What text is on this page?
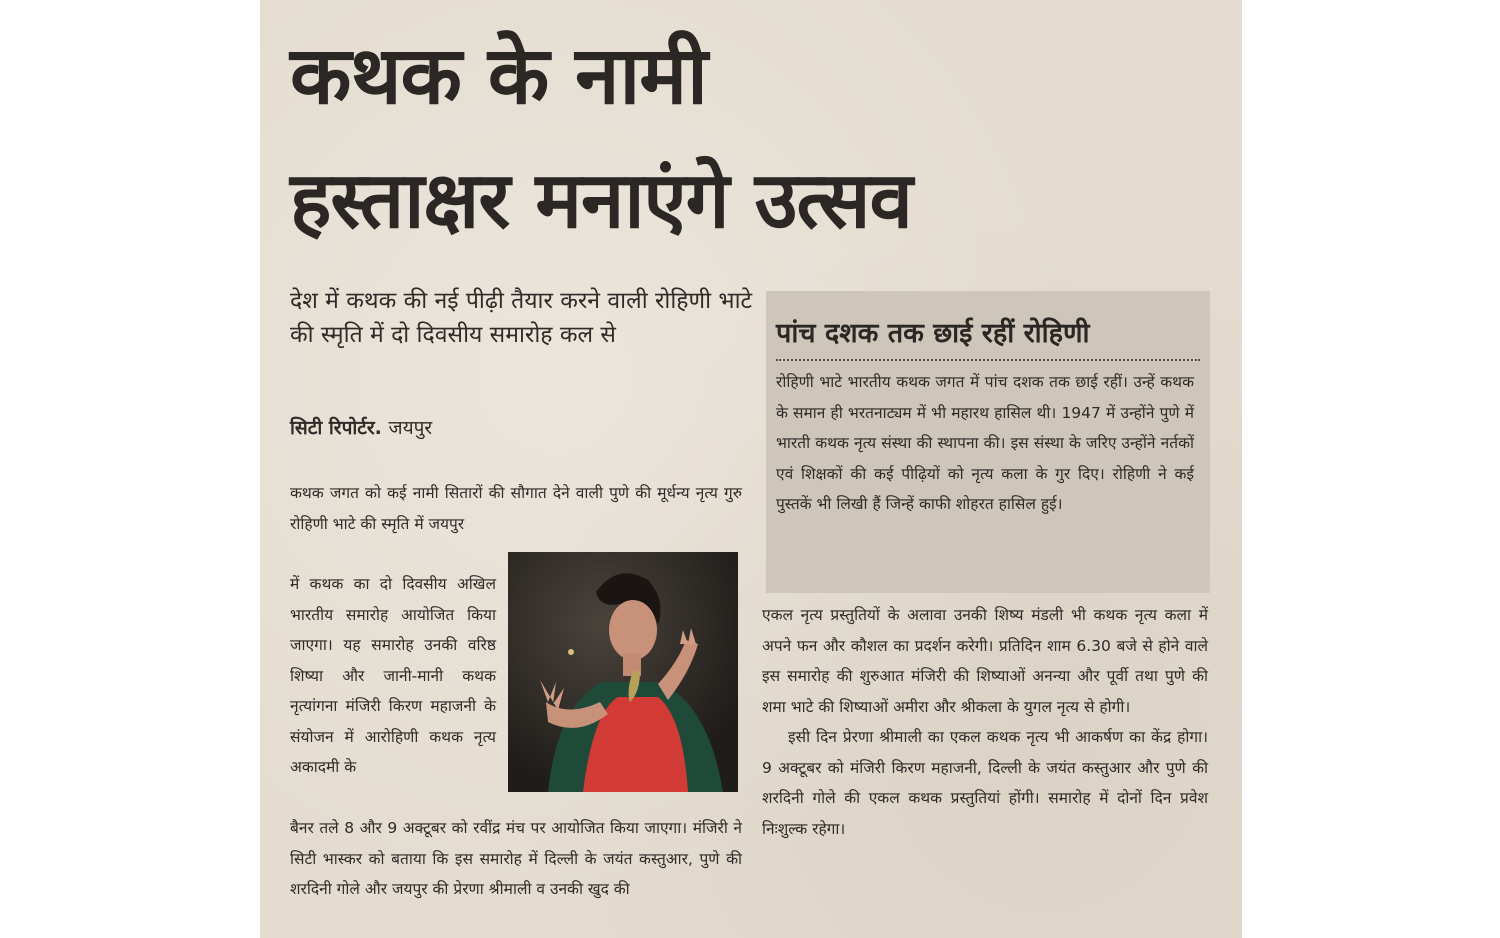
कथक के नामी
हस्ताक्षर मनाएंगे उत्सव
देश में कथक की नई पीढ़ी तैयार करने वाली रोहिणी भाटे की स्मृति में दो दिवसीय समारोह कल से
सिटी रिपोर्टर. जयपुर
कथक जगत को कई नामी सितारों की सौगात देने वाली पुणे की मूर्धन्य नृत्य गुरु रोहिणी भाटे की स्मृति में जयपुर
में कथक का दो दिवसीय अखिल भारतीय समारोह आयोजित किया जाएगा। यह समारोह उनकी वरिष्ठ शिष्या और जानी-मानी कथक नृत्यांगना मंजिरी किरण महाजनी के संयोजन में आरोहिणी कथक नृत्य अकादमी के
बैनर तले 8 और 9 अक्टूबर को रवींद्र मंच पर आयोजित किया जाएगा। मंजिरी ने सिटी भास्कर को बताया कि इस समारोह में दिल्ली के जयंत कस्तुआर, पुणे की शरदिनी गोले और जयपुर की प्रेरणा श्रीमाली व उनकी खुद की
पांच दशक तक छाई रहीं रोहिणी
रोहिणी भाटे भारतीय कथक जगत में पांच दशक तक छाई रहीं। उन्हें कथक के समान ही भरतनाट्यम में भी महारथ हासिल थी। 1947 में उन्होंने पुणे में भारती कथक नृत्य संस्था की स्थापना की। इस संस्था के जरिए उन्होंने नर्तकों एवं शिक्षकों की कई पीढ़ियों को नृत्य कला के गुर दिए। रोहिणी ने कई पुस्तकें भी लिखी हैं जिन्हें काफी शोहरत हासिल हुई।

एकल नृत्य प्रस्तुतियों के अलावा उनकी शिष्य मंडली भी कथक नृत्य कला में अपने फन और कौशल का प्रदर्शन करेगी। प्रतिदिन शाम 6.30 बजे से होने वाले इस समारोह की शुरुआत मंजिरी की शिष्याओं अनन्या और पूर्वी तथा पुणे की शमा भाटे की शिष्याओं अमीरा और श्रीकला के युगल नृत्य से होगी।

इसी दिन प्रेरणा श्रीमाली का एकल कथक नृत्य भी आकर्षण का केंद्र होगा। 9 अक्टूबर को मंजिरी किरण महाजनी, दिल्ली के जयंत कस्तुआर और पुणे की शरदिनी गोले की एकल कथक प्रस्तुतियां होंगी। समारोह में दोनों दिन प्रवेश निःशुल्क रहेगा।
